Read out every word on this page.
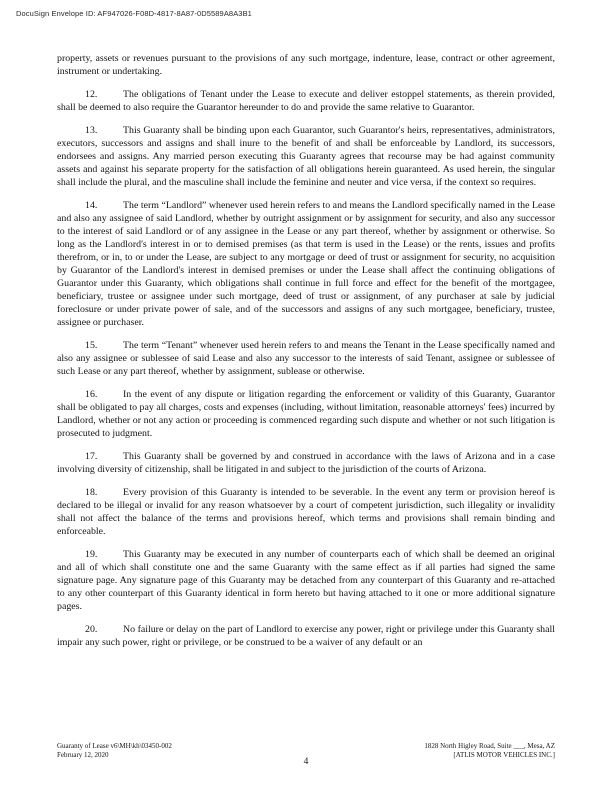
DocuSign Envelope ID: AF947026-F08D-4817-8A87-0D5589A8A3B1

property, assets or revenues pursuant to the provisions of any such mortgage, indenture, lease, contract or other agreement, instrument or undertaking.

12.	The obligations of Tenant under the Lease to execute and deliver estoppel statements, as therein provided, shall be deemed to also require the Guarantor hereunder to do and provide the same relative to Guarantor.

13.	This Guaranty shall be binding upon each Guarantor, such Guarantor's heirs, representatives, administrators, executors, successors and assigns and shall inure to the benefit of and shall be enforceable by Landlord, its successors, endorsees and assigns. Any married person executing this Guaranty agrees that recourse may be had against community assets and against his separate property for the satisfaction of all obligations herein guaranteed. As used herein, the singular shall include the plural, and the masculine shall include the feminine and neuter and vice versa, if the context so requires.

14.	The term “Landlord” whenever used herein refers to and means the Landlord specifically named in the Lease and also any assignee of said Landlord, whether by outright assignment or by assignment for security, and also any successor to the interest of said Landlord or of any assignee in the Lease or any part thereof, whether by assignment or otherwise. So long as the Landlord's interest in or to demised premises (as that term is used in the Lease) or the rents, issues and profits therefrom, or in, to or under the Lease, are subject to any mortgage or deed of trust or assignment for security, no acquisition by Guarantor of the Landlord's interest in demised premises or under the Lease shall affect the continuing obligations of Guarantor under this Guaranty, which obligations shall continue in full force and effect for the benefit of the mortgagee, beneficiary, trustee or assignee under such mortgage, deed of trust or assignment, of any purchaser at sale by judicial foreclosure or under private power of sale, and of the successors and assigns of any such mortgagee, beneficiary, trustee, assignee or purchaser.

15.	The term “Tenant” whenever used herein refers to and means the Tenant in the Lease specifically named and also any assignee or sublessee of said Lease and also any successor to the interests of said Tenant, assignee or sublessee of such Lease or any part thereof, whether by assignment, sublease or otherwise.

16.	In the event of any dispute or litigation regarding the enforcement or validity of this Guaranty, Guarantor shall be obligated to pay all charges, costs and expenses (including, without limitation, reasonable attorneys' fees) incurred by Landlord, whether or not any action or proceeding is commenced regarding such dispute and whether or not such litigation is prosecuted to judgment.

17.	This Guaranty shall be governed by and construed in accordance with the laws of Arizona and in a case involving diversity of citizenship, shall be litigated in and subject to the jurisdiction of the courts of Arizona.

18.	Every provision of this Guaranty is intended to be severable. In the event any term or provision hereof is declared to be illegal or invalid for any reason whatsoever by a court of competent jurisdiction, such illegality or invalidity shall not affect the balance of the terms and provisions hereof, which terms and provisions shall remain binding and enforceable.

19.	This Guaranty may be executed in any number of counterparts each of which shall be deemed an original and all of which shall constitute one and the same Guaranty with the same effect as if all parties had signed the same signature page. Any signature page of this Guaranty may be detached from any counterpart of this Guaranty and re-attached to any other counterpart of this Guaranty identical in form hereto but having attached to it one or more additional signature pages.

20.	No failure or delay on the part of Landlord to exercise any power, right or privilege under this Guaranty shall impair any such power, right or privilege, or be construed to be a waiver of any default or an

Guaranty of Lease v6\MH\kh\03450-002
February 12, 2020
1828 North Higley Road, Suite ___, Mesa, AZ
[ATLIS MOTOR VEHICLES INC.]
4
